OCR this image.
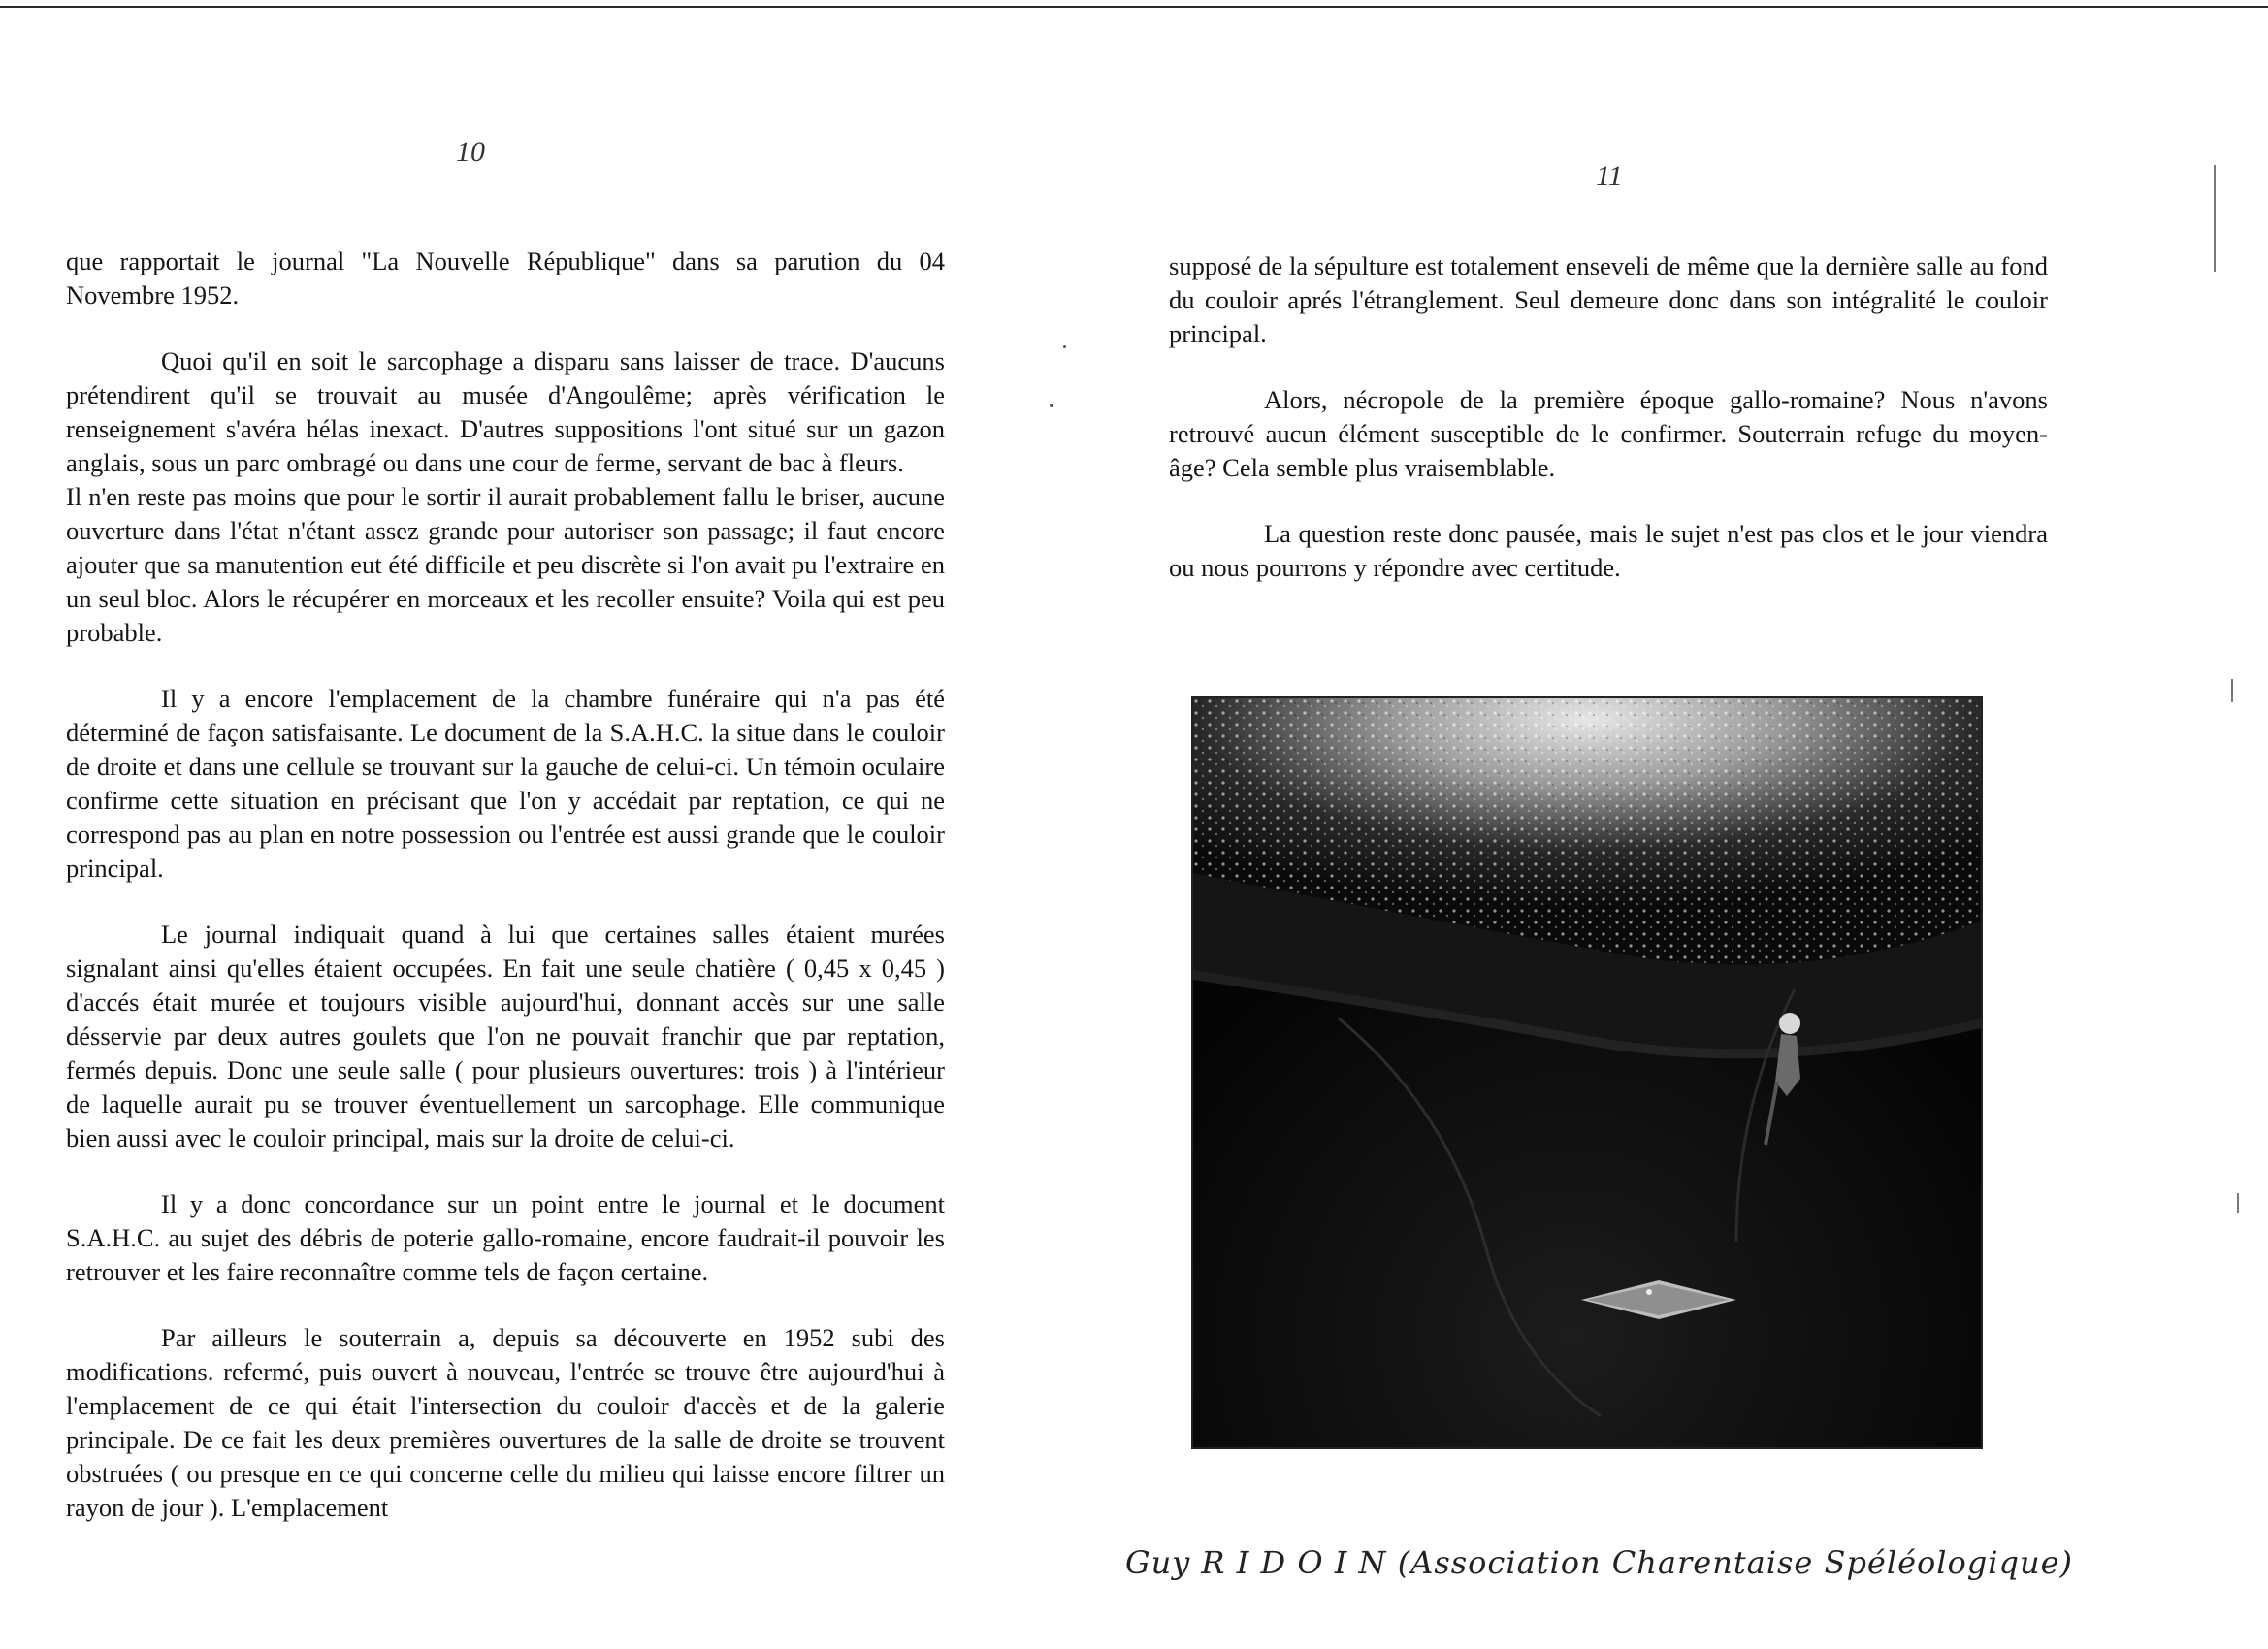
10

que rapportait le journal "La Nouvelle République" dans sa parution du 04 Novembre 1952.

Quoi qu'il en soit le sarcophage a disparu sans laisser de trace. D'aucuns prétendirent qu'il se trouvait au musée d'Angoulême; après vérification le renseignement s'avéra hélas inexact. D'autres suppositions l'ont situé sur un gazon anglais, sous un parc ombragé ou dans une cour de ferme, servant de bac à fleurs.

Il n'en reste pas moins que pour le sortir il aurait probablement fallu le briser, aucune ouverture dans l'état n'étant assez grande pour autoriser son passage; il faut encore ajouter que sa manutention eut été difficile et peu discrète si l'on avait pu l'extraire en un seul bloc. Alors le récupérer en morceaux et les recoller ensuite? Voila qui est peu probable.

Il y a encore l'emplacement de la chambre funéraire qui n'a pas été déterminé de façon satisfaisante. Le document de la S.A.H.C. la situe dans le couloir de droite et dans une cellule se trouvant sur la gauche de celui-ci. Un témoin oculaire confirme cette situation en précisant que l'on y accédait par reptation, ce qui ne correspond pas au plan en notre possession ou l'entrée est aussi grande que le couloir principal.

Le journal indiquait quand à lui que certaines salles étaient murées signalant ainsi qu'elles étaient occupées. En fait une seule chatière ( 0,45 x 0,45 ) d'accés était murée et toujours visible aujourd'hui, donnant accès sur une salle désservie par deux autres goulets que l'on ne pouvait franchir que par reptation, fermés depuis. Donc une seule salle ( pour plusieurs ouvertures: trois ) à l'intérieur de laquelle aurait pu se trouver éventuellement un sarcophage. Elle communique bien aussi avec le couloir principal, mais sur la droite de celui-ci.

Il y a donc concordance sur un point entre le journal et le document S.A.H.C. au sujet des débris de poterie gallo-romaine, encore faudrait-il pouvoir les retrouver et les faire reconnaître comme tels de façon certaine.

Par ailleurs le souterrain a, depuis sa découverte en 1952 subi des modifications. refermé, puis ouvert à nouveau, l'entrée se trouve être aujourd'hui à l'emplacement de ce qui était l'intersection du couloir d'accès et de la galerie principale. De ce fait les deux premières ouvertures de la salle de droite se trouvent obstruées ( ou presque en ce qui concerne celle du milieu qui laisse encore filtrer un rayon de jour ). L'emplacement

11

supposé de la sépulture est totalement enseveli de même que la dernière salle au fond du couloir aprés l'étranglement. Seul demeure donc dans son intégralité le couloir principal.

Alors, nécropole de la première époque gallo-romaine? Nous n'avons retrouvé aucun élément susceptible de le confirmer. Souterrain refuge du moyen-âge? Cela semble plus vraisemblable.

La question reste donc pausée, mais le sujet n'est pas clos et le jour viendra ou nous pourrons y répondre avec certitude.

Guy R I D O I N (Association Charentaise Spéléologique)
